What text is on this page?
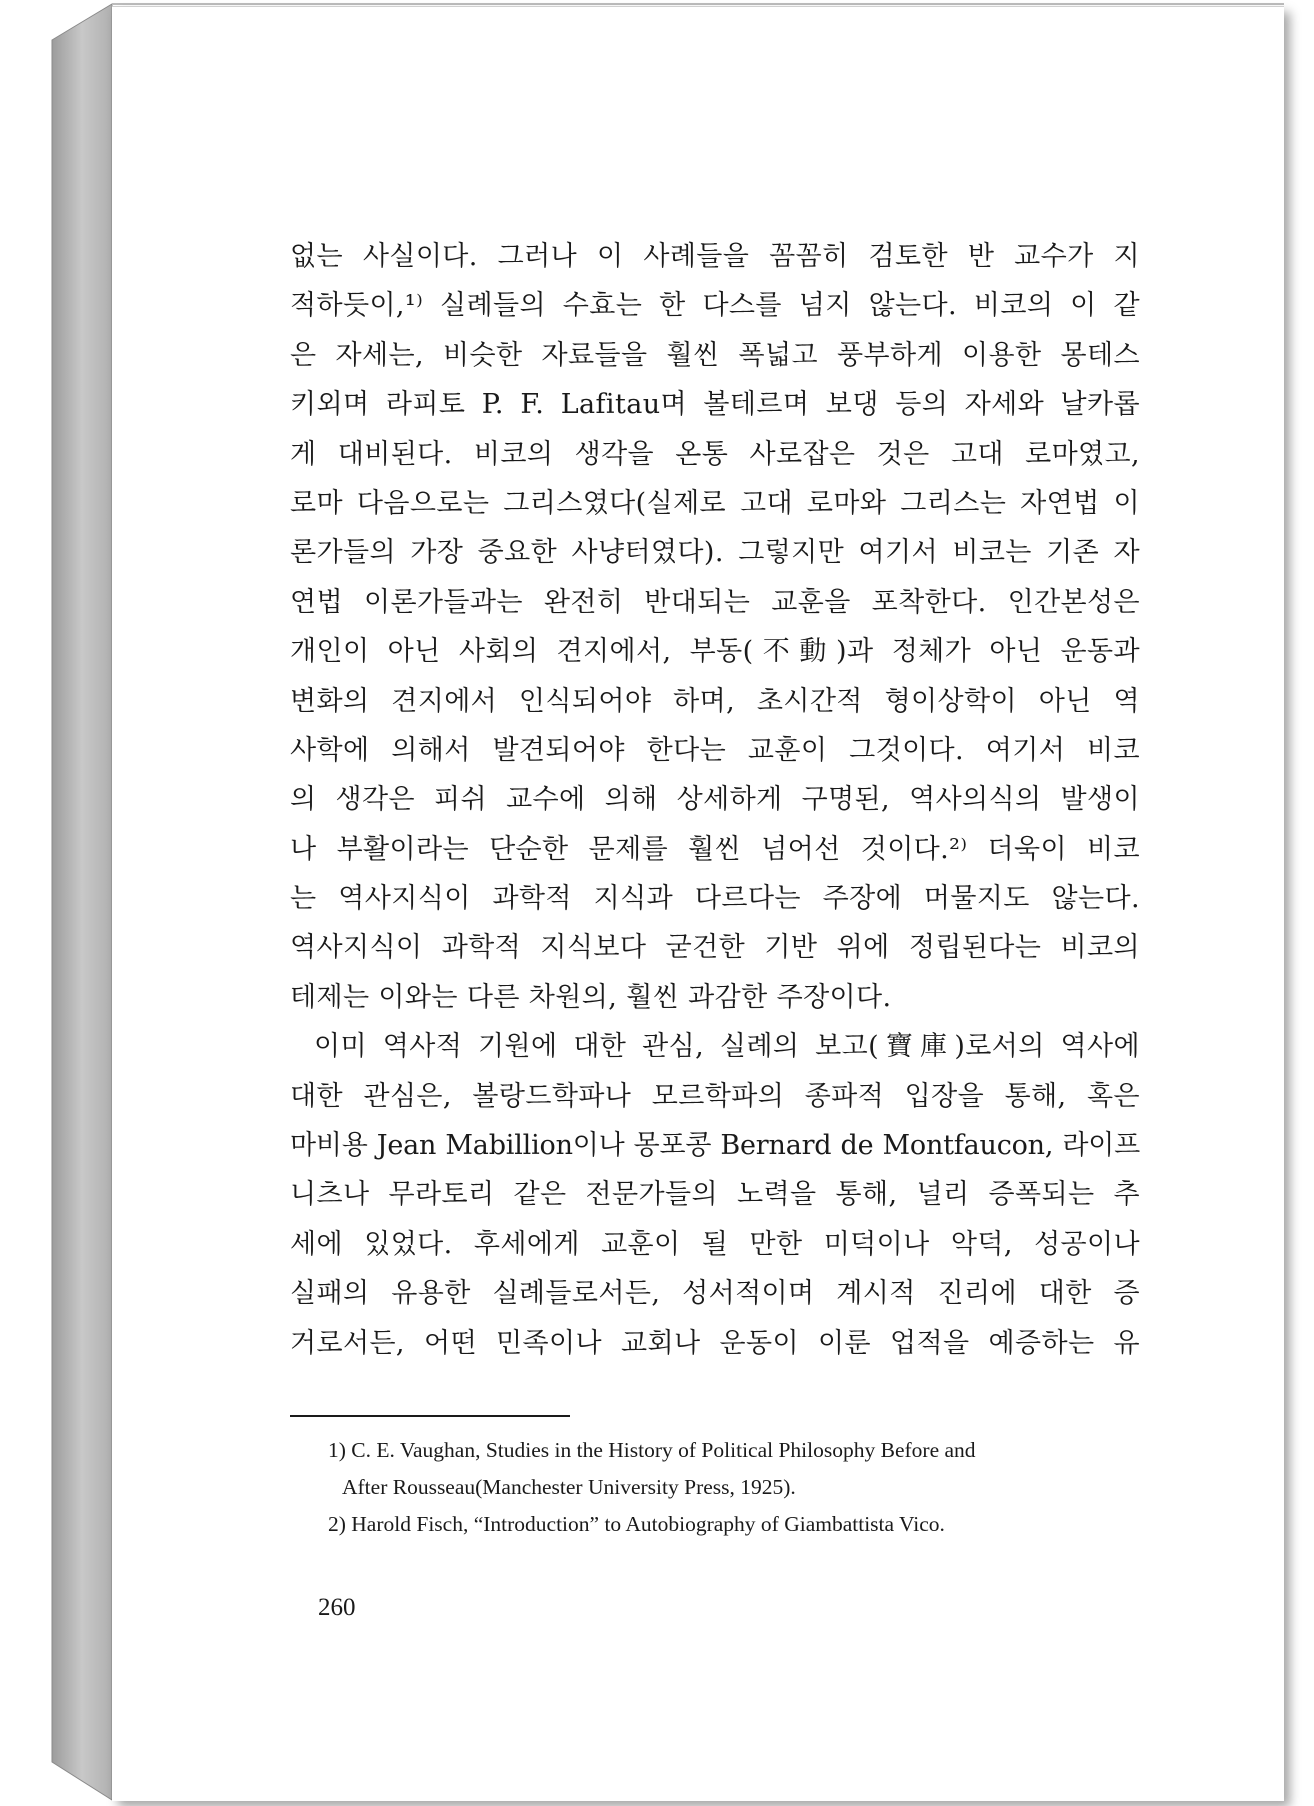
없는 사실이다. 그러나 이 사례들을 꼼꼼히 검토한 반 교수가 지
적하듯이,¹⁾ 실례들의 수효는 한 다스를 넘지 않는다. 비코의 이 같
은 자세는, 비슷한 자료들을 훨씬 폭넓고 풍부하게 이용한 몽테스
키외며 라피토 P. F. Lafitau며 볼테르며 보댕 등의 자세와 날카롭
게 대비된다. 비코의 생각을 온통 사로잡은 것은 고대 로마였고,
로마 다음으로는 그리스였다(실제로 고대 로마와 그리스는 자연법 이
론가들의 가장 중요한 사냥터였다). 그렇지만 여기서 비코는 기존 자
연법 이론가들과는 완전히 반대되는 교훈을 포착한다. 인간본성은
개인이 아닌 사회의 견지에서, 부동(不動)과 정체가 아닌 운동과
변화의 견지에서 인식되어야 하며, 초시간적 형이상학이 아닌 역
사학에 의해서 발견되어야 한다는 교훈이 그것이다. 여기서 비코
의 생각은 피쉬 교수에 의해 상세하게 구명된, 역사의식의 발생이
나 부활이라는 단순한 문제를 훨씬 넘어선 것이다.²⁾ 더욱이 비코
는 역사지식이 과학적 지식과 다르다는 주장에 머물지도 않는다.
역사지식이 과학적 지식보다 굳건한 기반 위에 정립된다는 비코의
테제는 이와는 다른 차원의, 훨씬 과감한 주장이다.
이미 역사적 기원에 대한 관심, 실례의 보고(寶庫)로서의 역사에
대한 관심은, 볼랑드학파나 모르학파의 종파적 입장을 통해, 혹은
마비용 Jean Mabillion이나 몽포콩 Bernard de Montfaucon, 라이프
니츠나 무라토리 같은 전문가들의 노력을 통해, 널리 증폭되는 추
세에 있었다. 후세에게 교훈이 될 만한 미덕이나 악덕, 성공이나
실패의 유용한 실례들로서든, 성서적이며 계시적 진리에 대한 증
거로서든, 어떤 민족이나 교회나 운동이 이룬 업적을 예증하는 유
1) C. E. Vaughan, Studies in the History of Political Philosophy Before and
After Rousseau(Manchester University Press, 1925).
2) Harold Fisch, “Introduction” to Autobiography of Giambattista Vico.
260
